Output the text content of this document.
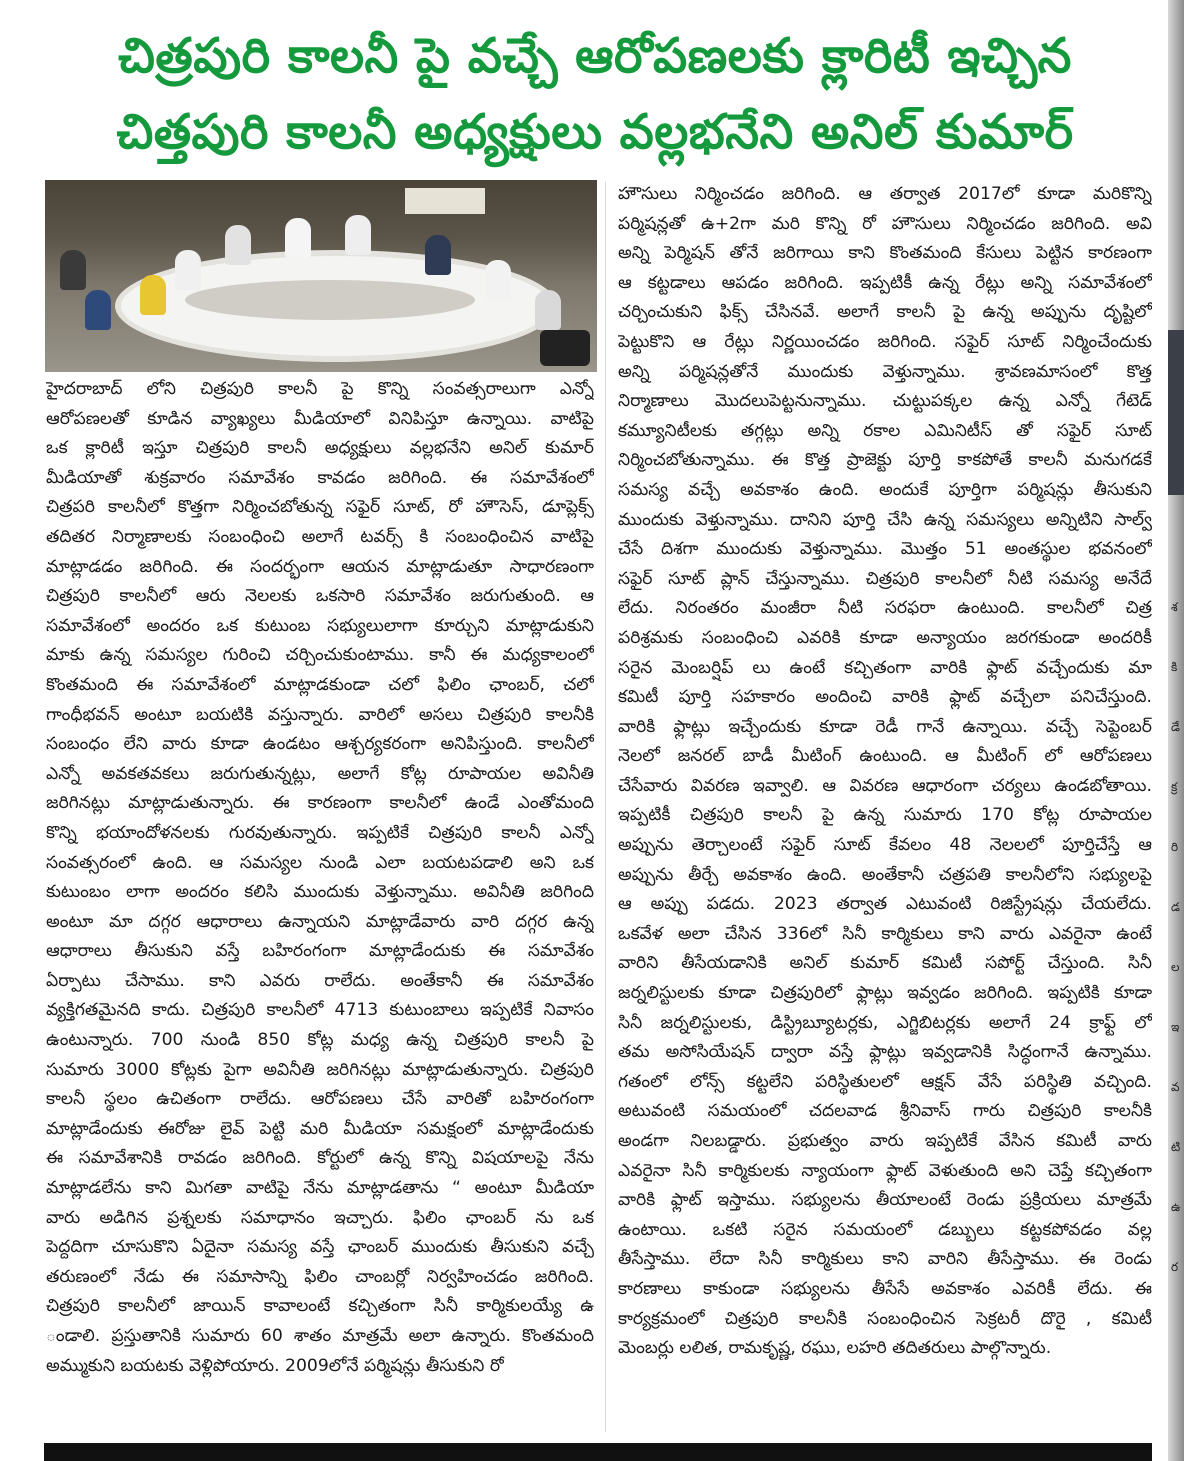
చిత్రపురి కాలనీ పై వచ్చే ఆరోపణలకు క్లారిటీ ఇచ్చిన
చిత్తపురి కాలనీ అధ్యక్షులు వల్లభనేని అనిల్ కుమార్
హైదరాబాద్ లోని చిత్రపురి కాలనీ పై కొన్ని సంవత్సరాలుగా ఎన్నో
ఆరోపణలతో కూడిన వ్యాఖ్యలు మీడియాలో వినిపిస్తూ ఉన్నాయి. వాటిపై
ఒక క్లారిటీ ఇస్తూ చిత్రపురి కాలనీ అధ్యక్షులు వల్లభనేని అనిల్ కుమార్
మీడియాతో శుక్రవారం సమావేశం కావడం జరిగింది. ఈ సమావేశంలో
చిత్రపరి కాలనీలో కొత్తగా నిర్మించబోతున్న సఫైర్ సూట్, రో హౌసెస్, డూప్లెక్స్
తదితర నిర్మాణాలకు సంబంధించి అలాగే టవర్స్ కి సంబంధించిన వాటిపై
మాట్లాడడం జరిగింది. ఈ సందర్భంగా ఆయన మాట్లాడుతూ సాధారణంగా
చిత్రపురి కాలనీలో ఆరు నెలలకు ఒకసారి సమావేశం జరుగుతుంది. ఆ
సమావేశంలో అందరం ఒక కుటుంబ సభ్యులులాగా కూర్చుని మాట్లాడుకుని
మాకు ఉన్న సమస్యల గురించి చర్చించుకుంటాము. కానీ ఈ మధ్యకాలంలో
కొంతమంది ఈ సమావేశంలో మాట్లాడకుండా చలో ఫిలిం ఛాంబర్, చలో
గాంధీభవన్ అంటూ బయటికి వస్తున్నారు. వారిలో అసలు చిత్రపురి కాలనీకి
సంబంధం లేని వారు కూడా ఉండటం ఆశ్చర్యకరంగా అనిపిస్తుంది. కాలనీలో
ఎన్నో అవకతవకలు జరుగుతున్నట్లు, అలాగే కోట్ల రూపాయల అవినీతి
జరిగినట్లు మాట్లాడుతున్నారు. ఈ కారణంగా కాలనీలో ఉండే ఎంతోమంది
కొన్ని భయాందోళనలకు గురవుతున్నారు. ఇప్పటికే చిత్రపురి కాలనీ ఎన్నో
సంవత్సరంలో ఉంది. ఆ సమస్యల నుండి ఎలా బయటపడాలి అని ఒక
కుటుంబం లాగా అందరం కలిసి ముందుకు వెళ్తున్నాము. అవినీతి జరిగింది
అంటూ మా దగ్గర ఆధారాలు ఉన్నాయని మాట్లాడేవారు వారి దగ్గర ఉన్న
ఆధారాలు తీసుకుని వస్తే బహిరంగంగా మాట్లాడేందుకు ఈ సమావేశం
ఏర్పాటు చేసాము. కాని ఎవరు రాలేదు. అంతేకానీ ఈ సమావేశం
వ్యక్తిగతమైనది కాదు. చిత్రపురి కాలనీలో 4713 కుటుంబాలు ఇప్పటికే నివాసం
ఉంటున్నారు. 700 నుండి 850 కోట్ల మధ్య ఉన్న చిత్రపురి కాలనీ పై
సుమారు 3000 కోట్లకు పైగా అవినీతి జరిగినట్లు మాట్లాడుతున్నారు. చిత్రపురి
కాలనీ స్థలం ఉచితంగా రాలేదు. ఆరోపణలు చేసే వారితో బహిరంగంగా
మాట్లాడేందుకు ఈరోజు లైవ్ పెట్టి మరి మీడియా సమక్షంలో మాట్లాడేందుకు
ఈ సమావేశానికి రావడం జరిగింది. కోర్టులో ఉన్న కొన్ని విషయాలపై నేను
మాట్లాడలేను కాని మిగతా వాటిపై నేను మాట్లాడతాను “ అంటూ మీడియా
వారు అడిగిన ప్రశ్నలకు సమాధానం ఇచ్చారు. ఫిలిం ఛాంబర్ ను ఒక
పెద్దదిగా చూసుకొని ఏదైనా సమస్య వస్తే ఛాంబర్ ముందుకు తీసుకుని వచ్చే
తరుణంలో నేడు ఈ సమాసాన్ని ఫిలిం చాంబర్లో నిర్వహించడం జరిగింది.
చిత్రపురి కాలనీలో జాయిన్ కావాలంటే కచ్చితంగా సినీ కార్మికులయ్యే ఉ
ండాలి. ప్రస్తుతానికి సుమారు 60 శాతం మాత్రమే అలా ఉన్నారు. కొంతమంది
అమ్ముకుని బయటకు వెళ్లిపోయారు. 2009లోనే పర్మిషన్లు తీసుకుని రో
హౌసులు నిర్మించడం జరిగింది. ఆ తర్వాత 2017లో కూడా మరికొన్ని
పర్మిషన్లతో ఉ+2గా మరి కొన్ని రో హౌసులు నిర్మించడం జరిగింది. అవి
అన్ని పెర్మిషన్ తోనే జరిగాయి కాని కొంతమంది కేసులు పెట్టిన కారణంగా
ఆ కట్టడాలు ఆపడం జరిగింది. ఇప్పటికీ ఉన్న రేట్లు అన్ని సమావేశంలో
చర్చించుకుని ఫిక్స్ చేసినవే. అలాగే కాలనీ పై ఉన్న అప్పును దృష్టిలో
పెట్టుకొని ఆ రేట్లు నిర్ణయించడం జరిగింది. సఫైర్ సూట్ నిర్మించేందుకు
అన్ని పర్మిషన్లతోనే ముందుకు వెళ్తున్నాము. శ్రావణమాసంలో కొత్త
నిర్మాణాలు మొదలుపెట్టనున్నాము. చుట్టుపక్కల ఉన్న ఎన్నో గేటెడ్
కమ్యూనిటీలకు తగ్గట్లు అన్ని రకాల ఎమినిటీస్ తో సఫైర్ సూట్
నిర్మించబోతున్నాము. ఈ కొత్త ప్రాజెక్టు పూర్తి కాకపోతే కాలనీ మనుగడకే
సమస్య వచ్చే అవకాశం ఉంది. అందుకే పూర్తిగా పర్మిషన్లు తీసుకుని
ముందుకు వెళ్తున్నాము. దానిని పూర్తి చేసి ఉన్న సమస్యలు అన్నిటిని సాల్వ్
చేసే దిశగా ముందుకు వెళ్తున్నాము. మొత్తం 51 అంతస్థుల భవనంలో
సఫైర్ సూట్ ప్లాన్ చేస్తున్నాము. చిత్రపురి కాలనీలో నీటి సమస్య అనేదే
లేదు. నిరంతరం మంజీరా నీటి సరఫరా ఉంటుంది. కాలనీలో చిత్ర
పరిశ్రమకు సంబంధించి ఎవరికి కూడా అన్యాయం జరగకుండా అందరికీ
సరైన మెంబర్షిప్ లు ఉంటే కచ్చితంగా వారికి ఫ్లాట్ వచ్చేందుకు మా
కమిటీ పూర్తి సహకారం అందించి వారికి ఫ్లాట్ వచ్చేలా పనిచేస్తుంది.
వారికి ఫ్లాట్లు ఇచ్చేందుకు కూడా రెడీ గానే ఉన్నాయి. వచ్చే సెప్టెంబర్
నెలలో జనరల్ బాడీ మీటింగ్ ఉంటుంది. ఆ మీటింగ్ లో ఆరోపణలు
చేసేవారు వివరణ ఇవ్వాలి. ఆ వివరణ ఆధారంగా చర్యలు ఉండబోతాయి.
ఇప్పటికీ చిత్రపురి కాలనీ పై ఉన్న సుమారు 170 కోట్ల రూపాయల
అప్పును తెర్చాలంటే సఫైర్ సూట్ కేవలం 48 నెలలలో పూర్తిచేస్తే ఆ
అప్పును తీర్చే అవకాశం ఉంది. అంతేకానీ చత్రపతి కాలనీలోని సభ్యులపై
ఆ అప్పు పడదు. 2023 తర్వాత ఎటువంటి రిజిస్ట్రేషన్లు చేయలేదు.
ఒకవేళ అలా చేసిన 336లో సినీ కార్మికులు కాని వారు ఎవరైనా ఉంటే
వారిని తీసేయడానికి అనిల్ కుమార్ కమిటీ సపోర్ట్ చేస్తుంది. సినీ
జర్నలిస్టులకు కూడా చిత్రపురిలో ఫ్లాట్లు ఇవ్వడం జరిగింది. ఇప్పటికి కూడా
సినీ జర్నలిస్టులకు, డిస్ట్రిబ్యూటర్లకు, ఎగ్జిబిటర్లకు అలాగే 24 క్రాఫ్ట్ లో
తమ అసోసియేషన్ ద్వారా వస్తే ఫ్లాట్లు ఇవ్వడానికి సిద్ధంగానే ఉన్నాము.
గతంలో లోన్స్ కట్టలేని పరిస్థితులలో ఆక్షన్ వేసే పరిస్థితి వచ్చింది.
అటువంటి సమయంలో చదలవాడ శ్రీనివాస్ గారు చిత్రపురి కాలనీకి
అండగా నిలబడ్డారు. ప్రభుత్వం వారు ఇప్పటికే వేసిన కమిటీ వారు
ఎవరైనా సినీ కార్మికులకు న్యాయంగా ఫ్లాట్ వెళుతుంది అని చెప్తే కచ్చితంగా
వారికి ఫ్లాట్ ఇస్తాము. సభ్యులను తీయాలంటే రెండు ప్రక్రియలు మాత్రమే
ఉంటాయి. ఒకటి సరైన సమయంలో డబ్బులు కట్టకపోవడం వల్ల
తీసేస్తాము. లేదా సినీ కార్మికులు కాని వారిని తీసేస్తాము. ఈ రెండు
కారణాలు కాకుండా సభ్యులను తీసేసే అవకాశం ఎవరికీ లేదు. ఈ
కార్యక్రమంలో చిత్రపురి కాలనీకి సంబంధించిన సెక్రటరీ దొరై , కమిటీ
మెంబర్లు లలిత, రామకృష్ణ, రఘు, లహరి తదితరులు పాల్గొన్నారు.
శ
కి
డే
క్ర
రి
డ
ల
ఇ
వ
టి
ఉ
ర
